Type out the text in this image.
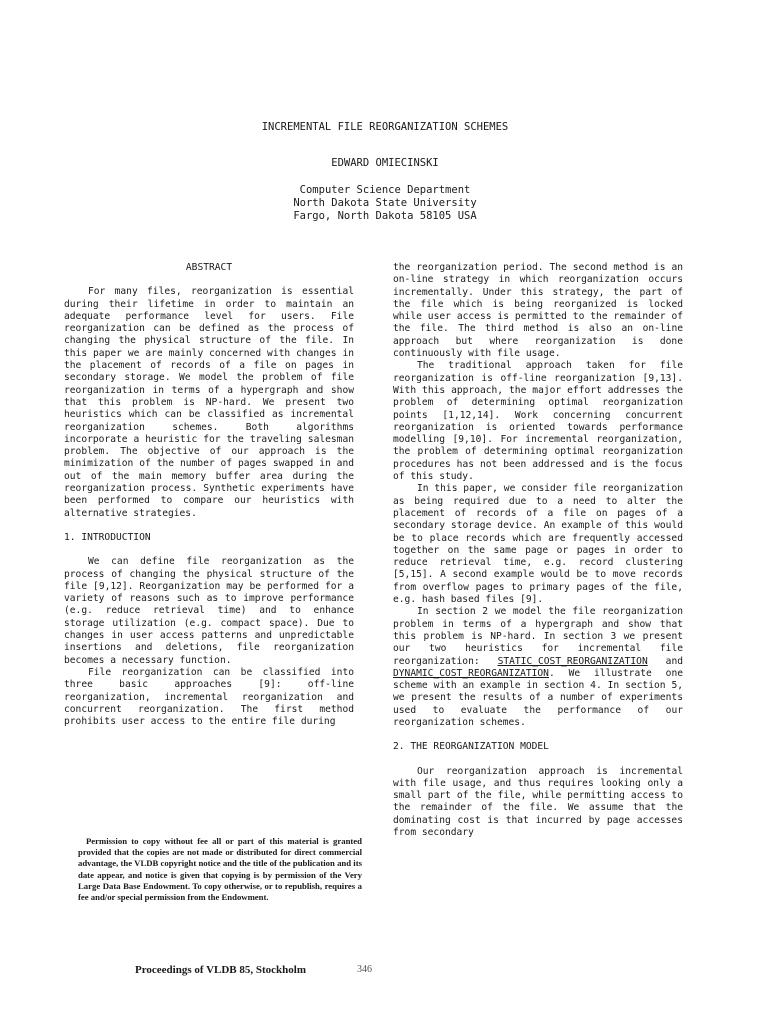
INCREMENTAL FILE REORGANIZATION SCHEMES
EDWARD OMIECINSKI
Computer Science Department
North Dakota State University
Fargo, North Dakota 58105 USA
ABSTRACT

For many files, reorganization is essential during their lifetime in order to maintain an adequate performance level for users. File reorganization can be defined as the process of changing the physical structure of the file. In this paper we are mainly concerned with changes in the placement of records of a file on pages in secondary storage. We model the problem of file reorganization in terms of a hypergraph and show that this problem is NP-hard. We present two heuristics which can be classified as incremental reorganization schemes. Both algorithms incorporate a heuristic for the traveling salesman problem. The objective of our approach is the minimization of the number of pages swapped in and out of the main memory buffer area during the reorganization process. Synthetic experiments have been performed to compare our heuristics with alternative strategies.

1. INTRODUCTION

We can define file reorganization as the process of changing the physical structure of the file [9,12]. Reorganization may be performed for a variety of reasons such as to improve performance (e.g. reduce retrieval time) and to enhance storage utilization (e.g. compact space). Due to changes in user access patterns and unpredictable insertions and deletions, file reorganization becomes a necessary function.

File reorganization can be classified into three basic approaches [9]: off-line reorganization, incremental reorganization and concurrent reorganization. The first method prohibits user access to the entire file during

the reorganization period. The second method is an on-line strategy in which reorganization occurs incrementally. Under this strategy, the part of the file which is being reorganized is locked while user access is permitted to the remainder of the file. The third method is also an on-line approach but where reorganization is done continuously with file usage.

The traditional approach taken for file reorganization is off-line reorganization [9,13]. With this approach, the major effort addresses the problem of determining optimal reorganization points [1,12,14]. Work concerning concurrent reorganization is oriented towards performance modelling [9,10]. For incremental reorganization, the problem of determining optimal reorganization procedures has not been addressed and is the focus of this study.

In this paper, we consider file reorganization as being required due to a need to alter the placement of records of a file on pages of a secondary storage device. An example of this would be to place records which are frequently accessed together on the same page or pages in order to reduce retrieval time, e.g. record clustering [5,15]. A second example would be to move records from overflow pages to primary pages of the file, e.g. hash based files [9].

In section 2 we model the file reorganization problem in terms of a hypergraph and show that this problem is NP-hard. In section 3 we present our two heuristics for incremental file reorganization: STATIC_COST_REORGANIZATION and DYNAMIC_COST_REORGANIZATION. We illustrate one scheme with an example in section 4. In section 5, we present the results of a number of experiments used to evaluate the performance of our reorganization schemes.

2. THE REORGANIZATION MODEL

Our reorganization approach is incremental with file usage, and thus requires looking only a small part of the file, while permitting access to the remainder of the file. We assume that the dominating cost is that incurred by page accesses from secondary

Permission to copy without fee all or part of this material is granted provided that the copies are not made or distributed for direct commercial advantage, the VLDB copyright notice and the title of the publication and its date appear, and notice is given that copying is by permission of the Very Large Data Base Endowment. To copy otherwise, or to republish, requires a fee and/or special permission from the Endowment.
Proceedings of VLDB 85, Stockholm	346
